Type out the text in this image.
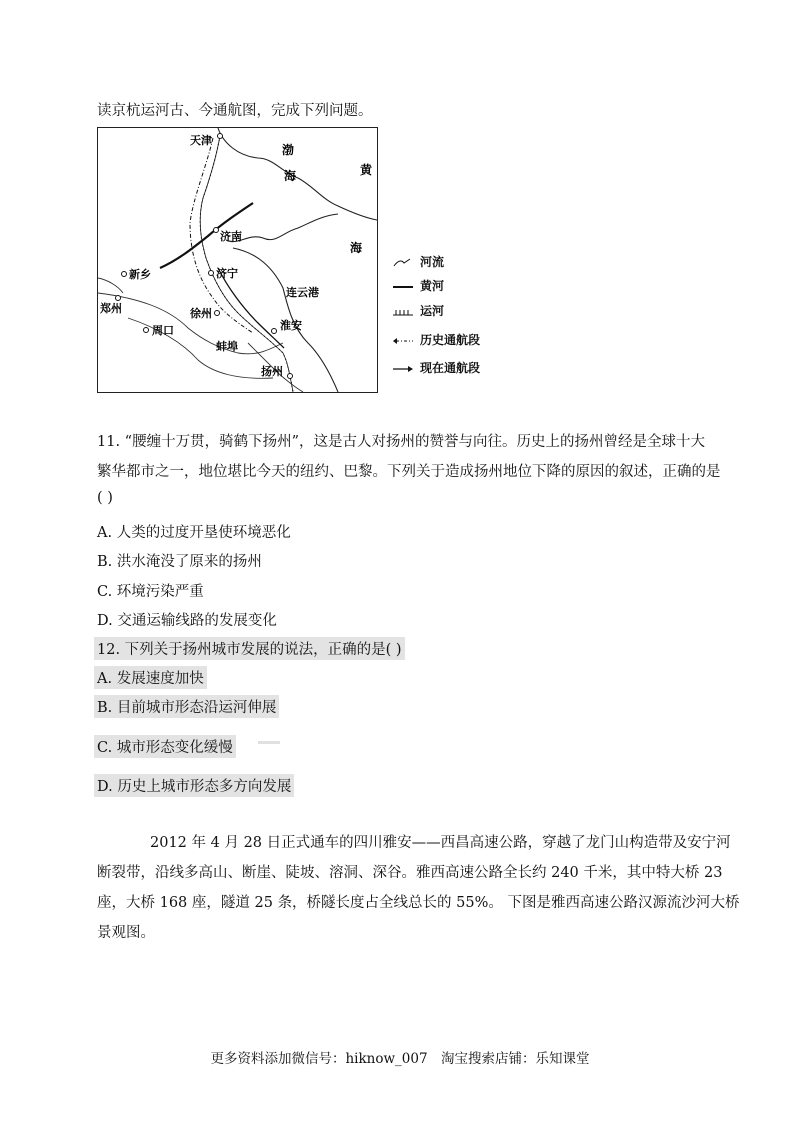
读京杭运河古、今通航图，完成下列问题。
天津
济南
新乡	济宁
郑州	徐州
周口
蚌埠
连云港
淮安
扬州
渤
海	黄
海
河流
黄河
运河
历史通航段
现在通航段
11. “腰缠十万贯，骑鹤下扬州”，这是古人对扬州的赞誉与向往。历史上的扬州曾经是全球十大
繁华都市之一，地位堪比今天的纽约、巴黎。下列关于造成扬州地位下降的原因的叙述，正确的是
( )
A. 人类的过度开垦使环境恶化
B. 洪水淹没了原来的扬州
C. 环境污染严重
D. 交通运输线路的发展变化
12. 下列关于扬州城市发展的说法，正确的是( )
A. 发展速度加快
B. 目前城市形态沿运河伸展
C. 城市形态变化缓慢
D. 历史上城市形态多方向发展
2012 年 4 月 28 日正式通车的四川雅安——西昌高速公路，穿越了龙门山构造带及安宁河
断裂带，沿线多高山、断崖、陡坡、溶洞、深谷。雅西高速公路全长约 240 千米，其中特大桥 23
座，大桥 168 座，隧道 25 条，桥隧长度占全线总长的 55%。 下图是雅西高速公路汉源流沙河大桥
景观图。
更多资料添加微信号：hiknow_007　淘宝搜索店铺：乐知课堂
